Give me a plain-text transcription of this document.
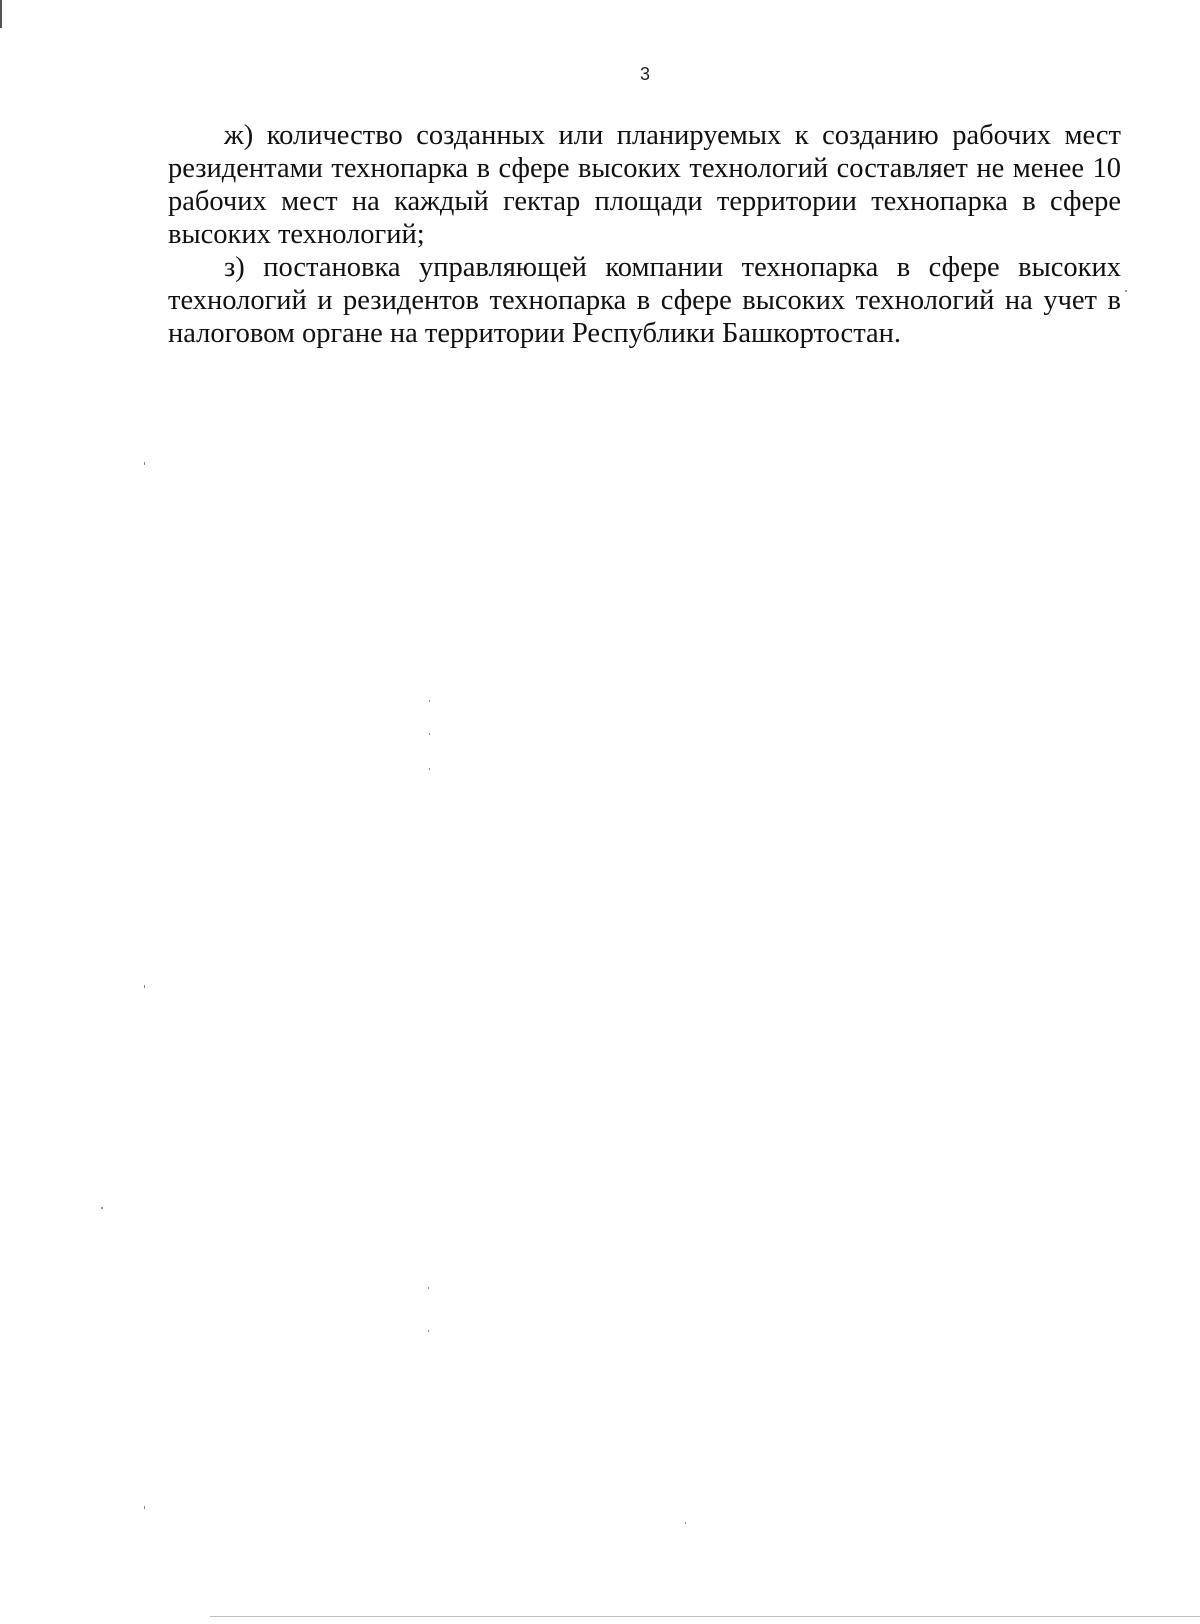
3

ж) количество созданных или планируемых к созданию рабочих мест резидентами технопарка в сфере высоких технологий составляет не менее 10 рабочих мест на каждый гектар площади территории технопарка в сфере высоких технологий;

з) постановка управляющей компании технопарка в сфере высоких технологий и резидентов технопарка в сфере высоких технологий на учет в налоговом органе на территории Республики Башкортостан.
